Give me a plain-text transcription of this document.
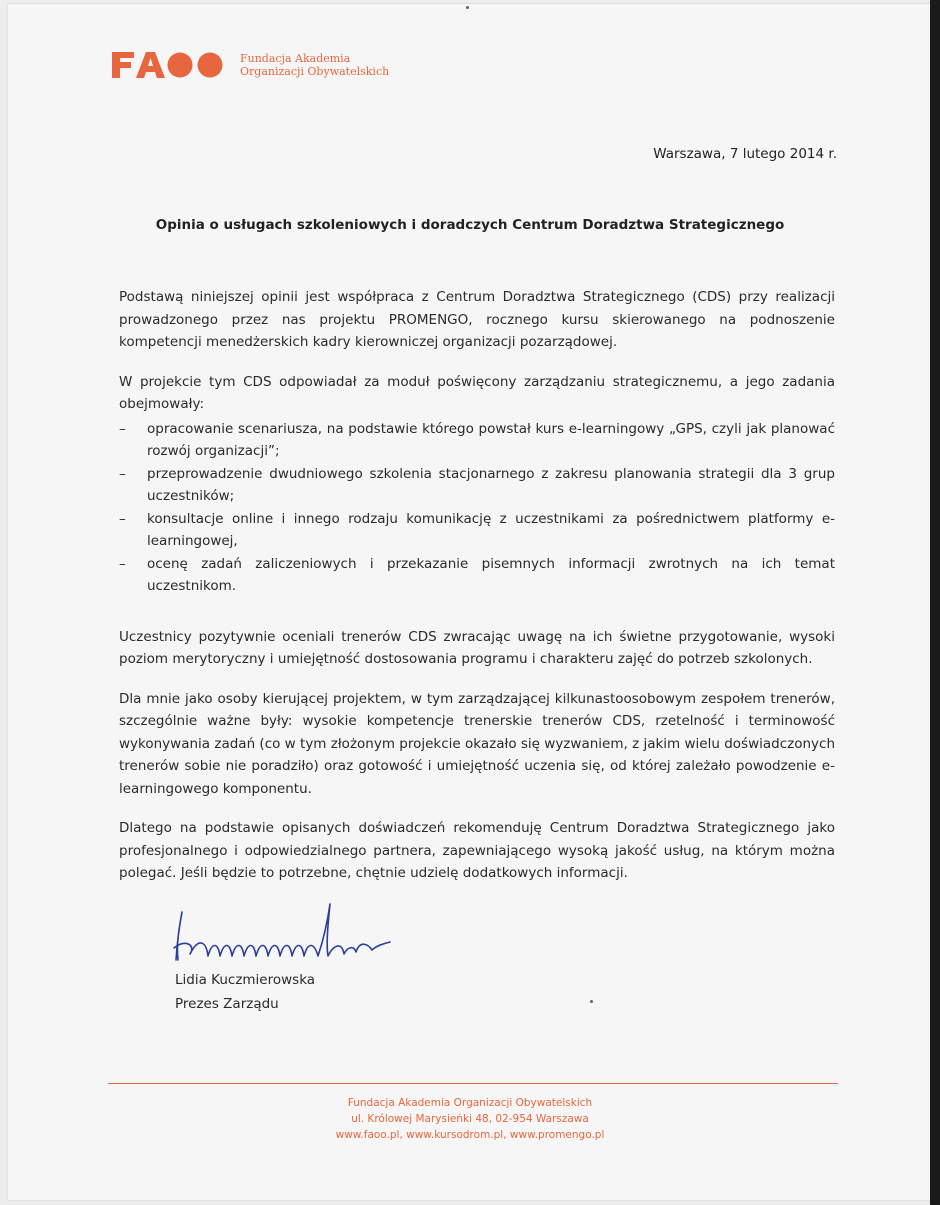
Fundacja Akademia
Organizacji Obywatelskich
Warszawa, 7 lutego 2014 r.
Opinia o usługach szkoleniowych i doradczych Centrum Doradztwa Strategicznego

Podstawą niniejszej opinii jest współpraca z Centrum Doradztwa Strategicznego (CDS) przy realizacji prowadzonego przez nas projektu PROMENGO, rocznego kursu skierowanego na podnoszenie kompetencji menedżerskich kadry kierowniczej organizacji pozarządowej.

W projekcie tym CDS odpowiadał za moduł poświęcony zarządzaniu strategicznemu, a jego zadania obejmowały:

– opracowanie scenariusza, na podstawie którego powstał kurs e-learningowy „GPS, czyli jak planować rozwój organizacji”;
– przeprowadzenie dwudniowego szkolenia stacjonarnego z zakresu planowania strategii dla 3 grup uczestników;
– konsultacje online i innego rodzaju komunikację z uczestnikami za pośrednictwem platformy e-learningowej,
– ocenę zadań zaliczeniowych i przekazanie pisemnych informacji zwrotnych na ich temat uczestnikom.

Uczestnicy pozytywnie oceniali trenerów CDS zwracając uwagę na ich świetne przygotowanie, wysoki poziom merytoryczny i umiejętność dostosowania programu i charakteru zajęć do potrzeb szkolonych.

Dla mnie jako osoby kierującej projektem, w tym zarządzającej kilkunastoosobowym zespołem trenerów, szczególnie ważne były: wysokie kompetencje trenerskie trenerów CDS, rzetelność i terminowość wykonywania zadań (co w tym złożonym projekcie okazało się wyzwaniem, z jakim wielu doświadczonych trenerów sobie nie poradziło) oraz gotowość i umiejętność uczenia się, od której zależało powodzenie e-learningowego komponentu.

Dlatego na podstawie opisanych doświadczeń rekomenduję Centrum Doradztwa Strategicznego jako profesjonalnego i odpowiedzialnego partnera, zapewniającego wysoką jakość usług, na którym można polegać. Jeśli będzie to potrzebne, chętnie udzielę dodatkowych informacji.

Lidia Kuczmierowska
Prezes Zarządu
Fundacja Akademia Organizacji Obywatelskich
ul. Królowej Marysieńki 48, 02-954 Warszawa
www.faoo.pl, www.kursodrom.pl, www.promengo.pl
